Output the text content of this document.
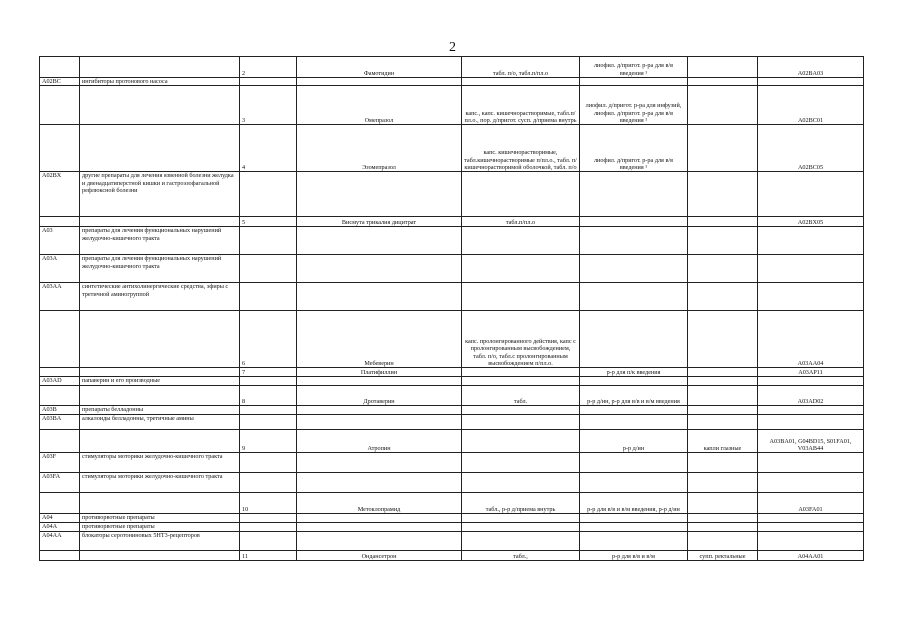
2
		2	Фамотидин	табл. п/о, табл.п/пл.о	лиофил. д/пригот. р-ра для в/в введения ¹		A02BA03
A02BC	ингибиторы протонового насоса						
		3	Омепразол	капс., капс. кишечнорастворимые, табл.п/пл.о., пор. д/пригот. сусп. д/приема внутрь	лиофил. д/пригот. р-ра для инфузий, лиофил. д/пригот. р-ра для в/в введения ¹		A02BC01
		4	Эзомепразол	капс. кишечнорастворимые, табл.кишечнорастворимые п/пл.о., табл. п/кишечнорастворимой оболочкой, табл. п/о	лиофил. д/пригот. р-ра для в/в введения ¹		A02BC05
A02BX	другие препараты для лечения язвенной болезни желудка и двенадцатиперстной кишки и гастроэзофагальной рефлюксной болезни						
		5	Висмута трикалия дицитрат	табл.п/пл.о			A02BX05
A03	препараты для лечения функциональных нарушений желудочно-кишечного тракта						
A03A	препараты для лечения функциональных нарушений желудочно-кишечного тракта						
A03AA	синтетические антихолинергические средства, эфиры с третичной аминогруппой						
		6	Мебеверин	капс. пролонгированного действия, капс с пролонгированным высвобождением, табл. п/о, табл.с пролонгированным высвобождением п/пл.о.			A03AA04
		7	Платифиллин		р-р для п/к введения		A03AP11
A03AD	папаверин и его производные						
		8	Дротаверин	табл.	р-р д/ин, р-р для в/в и в/м введения		A03AD02
A03B	препараты белладонны						
A03BA	алкалоиды белладонны, третичные амины						
		9	Атропин		р-р д/ин	капли глазные	A03BA01, G04BD15, S01FA01, V03AB44
A03F	стимуляторы моторики желудочно-кишечного тракта						
A03FA	стимуляторы моторики желудочно-кишечного тракта						
		10	Метоклопрамид	табл., р-р д/приема внутрь	р-р для в/в и в/м введения, р-р д/ин		A03FA01
A04	противорвотные препараты						
A04A	противорвотные препараты						
A04AA	блокаторы серотониновых 5HT3-рецепторов						
		11	Ондансетрон	табл.,	р-р для в/в и в/м	супп. ректальные	A04AA01
